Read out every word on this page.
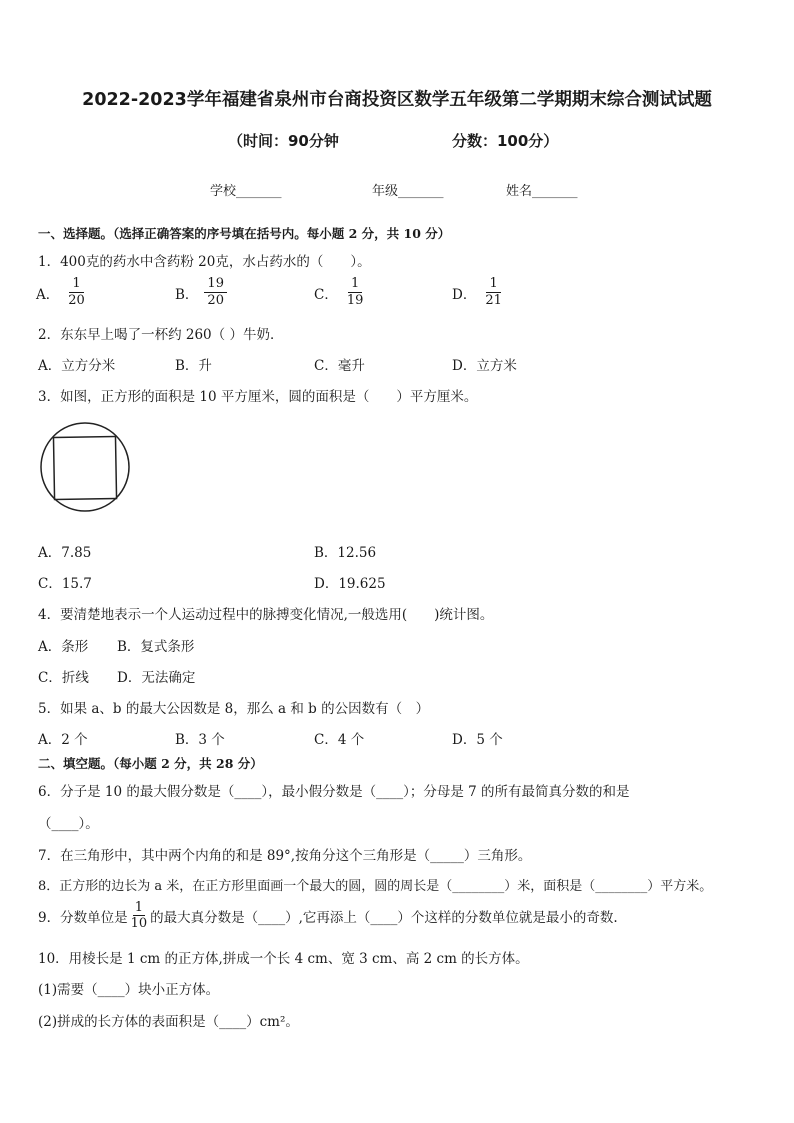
2022-2023学年福建省泉州市台商投资区数学五年级第二学期期末综合测试试题
（时间：90分钟	分数：100分）
学校_______	年级_______	姓名_______
一、选择题。（选择正确答案的序号填在括号内。每小题 2 分，共 10 分）
1．400克的药水中含药粉 20克，水占药水的（　　）。
A． $\frac{1}{20}$	B． $\frac{19}{20}$	C． $\frac{1}{19}$	D． $\frac{1}{21}$
2．东东早上喝了一杯约 260（ ）牛奶．
A．立方分米	B．升	C．毫升	D．立方米
3．如图，正方形的面积是 10 平方厘米，圆的面积是（　　）平方厘米。
A．7.85	B．12.56
C．15.7	D．19.625
4．要清楚地表示一个人运动过程中的脉搏变化情况,一般选用(　　)统计图。
A．条形 B．复式条形
C．折线 D．无法确定
5．如果 a、b 的最大公因数是 8，那么 a 和 b 的公因数有（　）
A．2 个	B．3 个	C．4 个	D．5 个
二、填空题。（每小题 2 分，共 28 分）
6．分子是 10 的最大假分数是（____），最小假分数是（____）；分母是 7 的所有最简真分数的和是
（____）。
7．在三角形中，其中两个内角的和是 89°,按角分这个三角形是（_____）三角形。
8．正方形的边长为 a 米，在正方形里面画一个最大的圆，圆的周长是（________）米，面积是（________）平方米。
9．分数单位是 $\frac{1}{10}$ 的最大真分数是（____）,它再添上（____）个这样的分数单位就是最小的奇数.
10．用棱长是 1 cm 的正方体,拼成一个长 4 cm、宽 3 cm、高 2 cm 的长方体。
(1)需要（____）块小正方体。
(2)拼成的长方体的表面积是（____）cm²。
